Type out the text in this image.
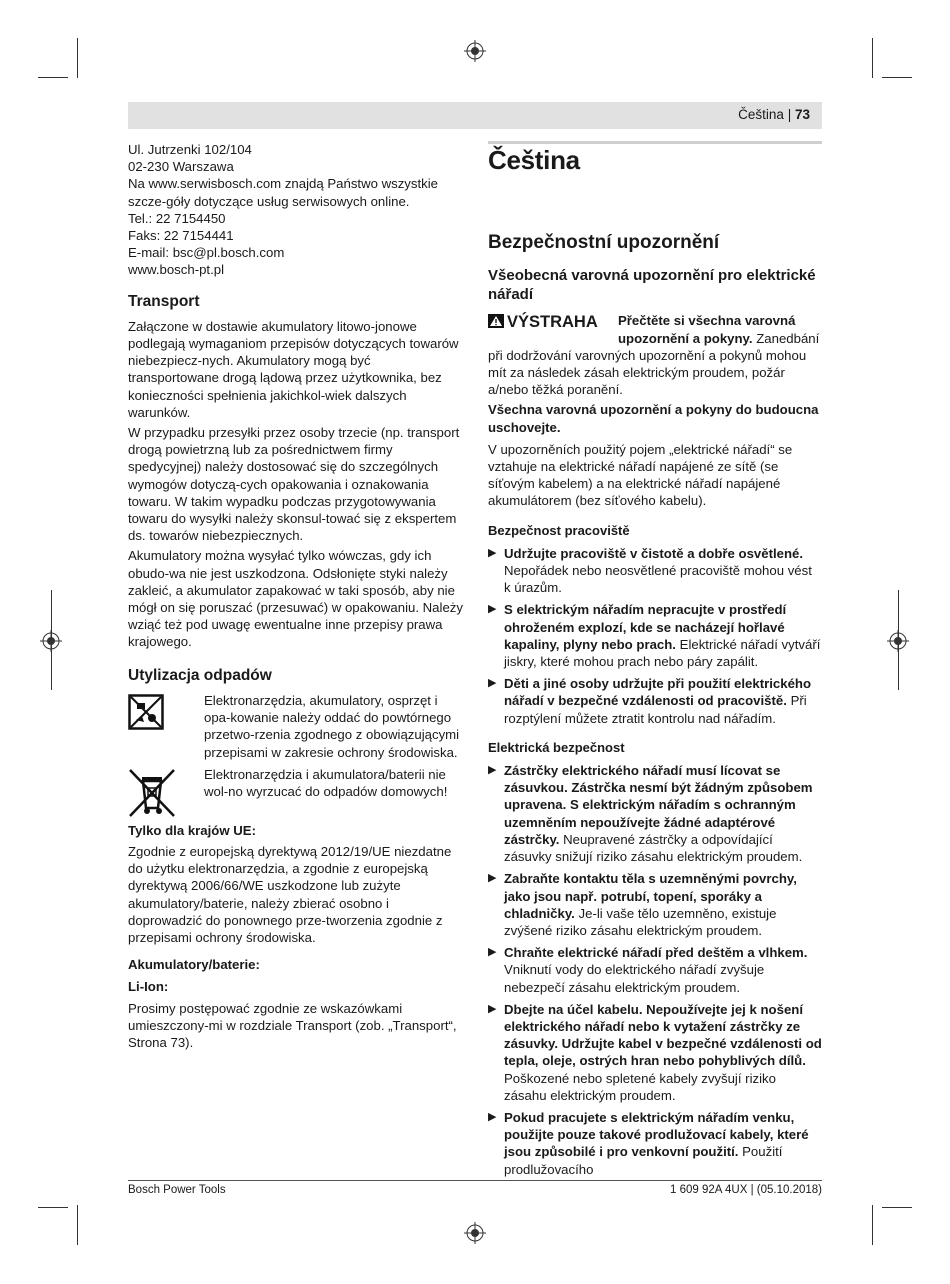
Čeština | 73
Ul. Jutrzenki 102/104
02-230 Warszawa
Na www.serwisbosch.com znajdą Państwo wszystkie szcze-góły dotyczące usług serwisowych online.
Tel.: 22 7154450
Faks: 22 7154441
E-mail: bsc@pl.bosch.com
www.bosch-pt.pl
Transport

Załączone w dostawie akumulatory litowo-jonowe podlegają wymaganiom przepisów dotyczących towarów niebezpiecz-nych. Akumulatory mogą być transportowane drogą lądową przez użytkownika, bez konieczności spełnienia jakichkol-wiek dalszych warunków.

W przypadku przesyłki przez osoby trzecie (np. transport drogą powietrzną lub za pośrednictwem firmy spedycyjnej) należy dostosować się do szczególnych wymogów dotyczą-cych opakowania i oznakowania towaru. W takim wypadku podczas przygotowywania towaru do wysyłki należy skonsul-tować się z ekspertem ds. towarów niebezpiecznych.

Akumulatory można wysyłać tylko wówczas, gdy ich obudo-wa nie jest uszkodzona. Odsłonięte styki należy zakleić, a akumulator zapakować w taki sposób, aby nie mógł on się poruszać (przesuwać) w opakowaniu. Należy wziąć też pod uwagę ewentualne inne przepisy prawa krajowego.

Utylizacja odpadów
Elektronarzędzia, akumulatory, osprzęt i opa-kowanie należy oddać do powtórnego przetwo-rzenia zgodnego z obowiązującymi przepisami w zakresie ochrony środowiska.
Elektronarzędzia i akumulatora/baterii nie wol-no wyrzucać do odpadów domowych!
Tylko dla krajów UE:

Zgodnie z europejską dyrektywą 2012/19/UE niezdatne do użytku elektronarzędzia, a zgodnie z europejską dyrektywą 2006/66/WE uszkodzone lub zużyte akumulatory/baterie, należy zbierać osobno i doprowadzić do ponownego prze-tworzenia zgodnie z przepisami ochrony środowiska.

Akumulatory/baterie:
Li-Ion:

Prosimy postępować zgodnie ze wskazówkami umieszczony-mi w rozdziale Transport (zob. „Transport“, Strona 73).

Čeština
Bezpečnostní upozornění
Všeobecná varovná upozornění pro elektrické nářadí
VÝSTRAHA	Přečtěte si všechna varovná upozornění a pokyny. Zanedbání při dodržování varovných upozornění a pokynů mohou mít za následek zásah elektrickým proudem, požár a/nebo těžká poranění.

Všechna varovná upozornění a pokyny do budoucna uschovejte.

V upozorněních použitý pojem „elektrické nářadí“ se vztahuje na elektrické nářadí napájené ze sítě (se síťovým kabelem) a na elektrické nářadí napájené akumulátorem (bez síťového kabelu).

Bezpečnost pracoviště
▶ Udržujte pracoviště v čistotě a dobře osvětlené. Nepořádek nebo neosvětlené pracoviště mohou vést k úrazům.
▶ S elektrickým nářadím nepracujte v prostředí ohroženém explozí, kde se nacházejí hořlavé kapaliny, plyny nebo prach. Elektrické nářadí vytváří jiskry, které mohou prach nebo páry zapálit.
▶ Děti a jiné osoby udržujte při použití elektrického nářadí v bezpečné vzdálenosti od pracoviště. Při rozptýlení můžete ztratit kontrolu nad nářadím.
Elektrická bezpečnost
▶ Zástrčky elektrického nářadí musí lícovat se zásuvkou. Zástrčka nesmí být žádným způsobem upravena. S elektrickým nářadím s ochranným uzemněním nepoužívejte žádné adaptérové zástrčky. Neupravené zástrčky a odpovídající zásuvky snižují riziko zásahu elektrickým proudem.
▶ Zabraňte kontaktu těla s uzemněnými povrchy, jako jsou např. potrubí, topení, sporáky a chladničky. Je-li vaše tělo uzemněno, existuje zvýšené riziko zásahu elektrickým proudem.
▶ Chraňte elektrické nářadí před deštěm a vlhkem. Vniknutí vody do elektrického nářadí zvyšuje nebezpečí zásahu elektrickým proudem.
▶ Dbejte na účel kabelu. Nepoužívejte jej k nošení elektrického nářadí nebo k vytažení zástrčky ze zásuvky. Udržujte kabel v bezpečné vzdálenosti od tepla, oleje, ostrých hran nebo pohyblivých dílů. Poškozené nebo spletené kabely zvyšují riziko zásahu elektrickým proudem.
▶ Pokud pracujete s elektrickým nářadím venku, použijte pouze takové prodlužovací kabely, které jsou způsobilé i pro venkovní použití. Použití prodlužovacího
Bosch Power Tools	1 609 92A 4UX | (05.10.2018)
